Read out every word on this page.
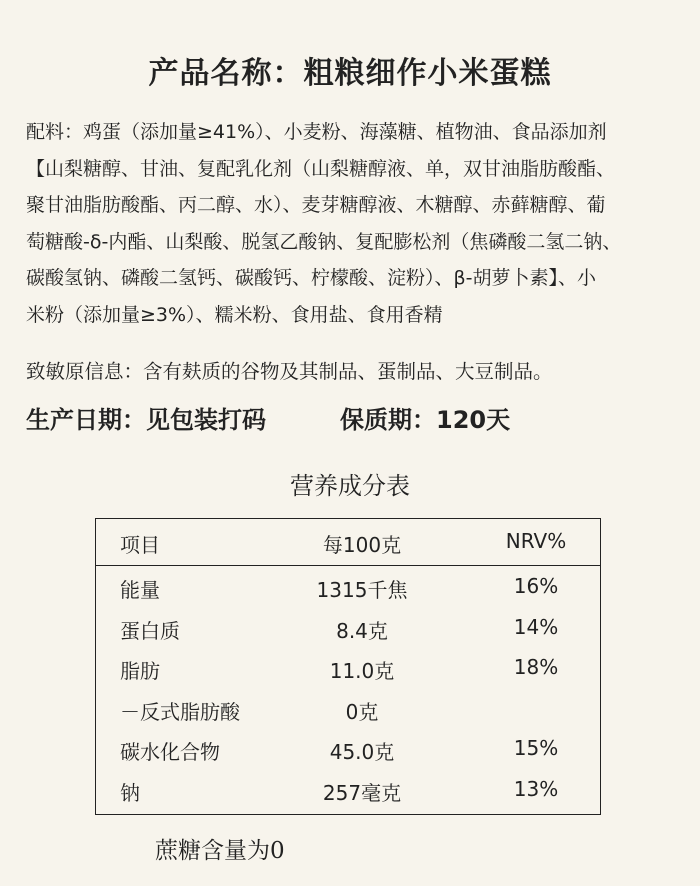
产品名称：粗粮细作小米蛋糕
配料：鸡蛋（添加量≥41%）、小麦粉、海藻糖、植物油、食品添加剂
【山梨糖醇、甘油、复配乳化剂（山梨糖醇液、单，双甘油脂肪酸酯、
聚甘油脂肪酸酯、丙二醇、水）、麦芽糖醇液、木糖醇、赤藓糖醇、葡
萄糖酸-δ-内酯、山梨酸、脱氢乙酸钠、复配膨松剂（焦磷酸二氢二钠、
碳酸氢钠、磷酸二氢钙、碳酸钙、柠檬酸、淀粉）、β-胡萝卜素】、小
米粉（添加量≥3%）、糯米粉、食用盐、食用香精
致敏原信息：含有麸质的谷物及其制品、蛋制品、大豆制品。
生产日期：见包装打码	保质期：120天
营养成分表
项目	每100克	NRV%
能量	1315千焦	16%
蛋白质	8.4克	14%
脂肪	11.0克	18%
－反式脂肪酸	0克
碳水化合物	45.0克	15%
钠	257毫克	13%
蔗糖含量为0
